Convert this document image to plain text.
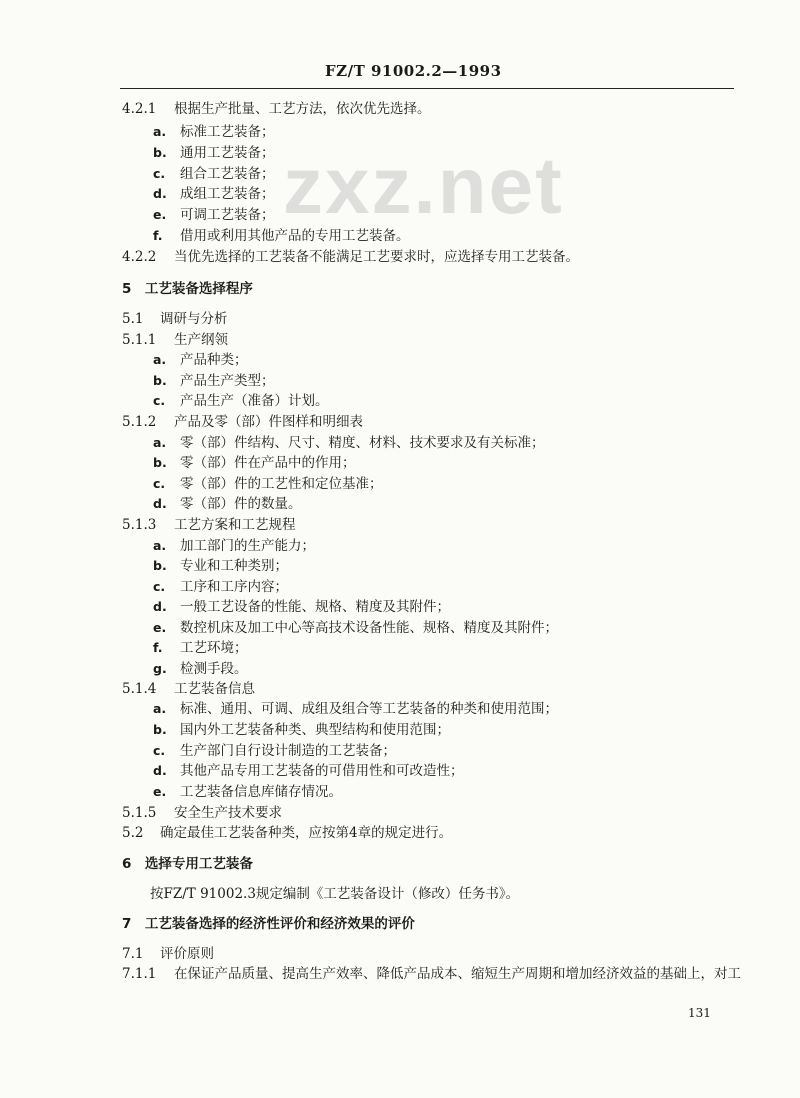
FZ/T 91002.2—1993
zxz.net
4.2.1 根据生产批量、工艺方法，依次优先选择。
a. 标准工艺装备；
b. 通用工艺装备；
c. 组合工艺装备；
d. 成组工艺装备；
e. 可调工艺装备；
f. 借用或利用其他产品的专用工艺装备。
4.2.2 当优先选择的工艺装备不能满足工艺要求时，应选择专用工艺装备。
5　工艺装备选择程序
5.1 调研与分析
5.1.1 生产纲领
a. 产品种类；
b. 产品生产类型；
c. 产品生产（准备）计划。
5.1.2 产品及零（部）件图样和明细表
a. 零（部）件结构、尺寸、精度、材料、技术要求及有关标准；
b. 零（部）件在产品中的作用；
c. 零（部）件的工艺性和定位基准；
d. 零（部）件的数量。
5.1.3 工艺方案和工艺规程
a. 加工部门的生产能力；
b. 专业和工种类别；
c. 工序和工序内容；
d. 一般工艺设备的性能、规格、精度及其附件；
e. 数控机床及加工中心等高技术设备性能、规格、精度及其附件；
f. 工艺环境；
g. 检测手段。
5.1.4 工艺装备信息
a. 标准、通用、可调、成组及组合等工艺装备的种类和使用范围；
b. 国内外工艺装备种类、典型结构和使用范围；
c. 生产部门自行设计制造的工艺装备；
d. 其他产品专用工艺装备的可借用性和可改造性；
e. 工艺装备信息库储存情况。
5.1.5 安全生产技术要求
5.2 确定最佳工艺装备种类，应按第4章的规定进行。
6　选择专用工艺装备
按FZ/T 91002.3规定编制《工艺装备设计（修改）任务书》。
7　工艺装备选择的经济性评价和经济效果的评价
7.1 评价原则
7.1.1 在保证产品质量、提高生产效率、降低产品成本、缩短生产周期和增加经济效益的基础上，对工
131
